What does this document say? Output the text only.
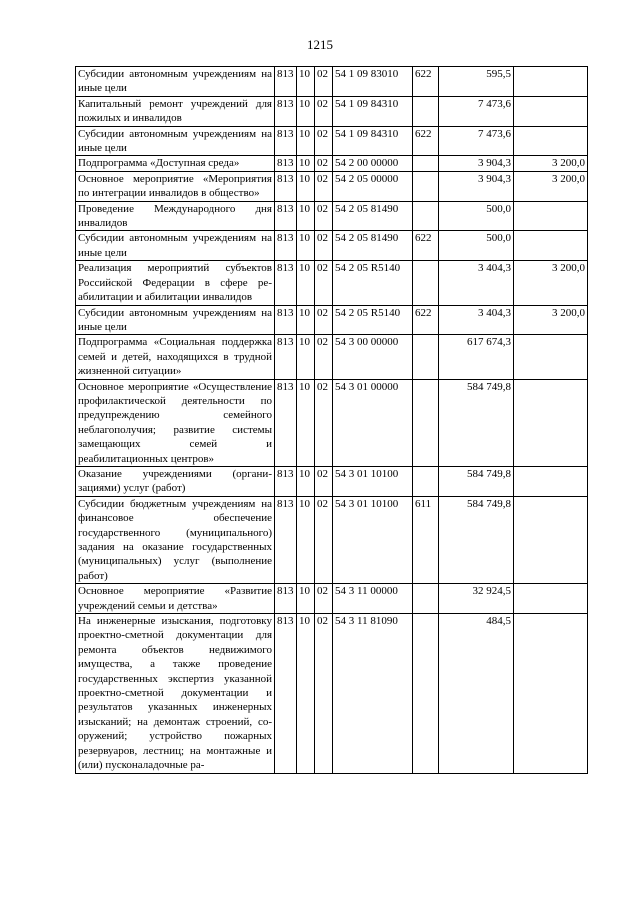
1215
Субсидии автономным учреждениям на иные цели	813	10	02	54 1 09 83010	622	595,5	
Капитальный ремонт учреждений для пожилых и инвалидов	813	10	02	54 1 09 84310		7 473,6	
Субсидии автономным учреждениям на иные цели	813	10	02	54 1 09 84310	622	7 473,6	
Подпрограмма «Доступная среда»	813	10	02	54 2 00 00000		3 904,3	3 200,0
Основное мероприятие «Мероприятия по интеграции инвалидов в общество»	813	10	02	54 2 05 00000		3 904,3	3 200,0
Проведение Международного дня инвалидов	813	10	02	54 2 05 81490		500,0	
Субсидии автономным учреждениям на иные цели	813	10	02	54 2 05 81490	622	500,0	
Реализация мероприятий субъектов Российской Федерации в сфере реабилитации и абилитации инвалидов	813	10	02	54 2 05 R5140		3 404,3	3 200,0
Субсидии автономным учреждениям на иные цели	813	10	02	54 2 05 R5140	622	3 404,3	3 200,0
Подпрограмма «Социальная поддержка семей и детей, находящихся в трудной жизненной ситуации»	813	10	02	54 3 00 00000		617 674,3	
Основное мероприятие «Осуществление профилактической деятельности по предупреждению семейного неблагополучия; развитие системы замещающих семей и реабилитационных центров»	813	10	02	54 3 01 00000		584 749,8	
Оказание учреждениями (организациями) услуг (работ)	813	10	02	54 3 01 10100		584 749,8	
Субсидии бюджетным учреждениям на финансовое обеспечение государственного (муниципального) задания на оказание государственных (муниципальных) услуг (выполнение работ)	813	10	02	54 3 01 10100	611	584 749,8	
Основное мероприятие «Развитие учреждений семьи и детства»	813	10	02	54 3 11 00000		32 924,5	
На инженерные изыскания, подготовку проектно-сметной документации для ремонта объектов недвижимого имущества, а также проведение государственных экспертиз указанной проектно-сметной документации и результатов указанных инженерных изысканий; на демонтаж строений, сооружений; устройство пожарных резервуаров, лестниц; на монтажные и (или) пусконаладочные ра-	813	10	02	54 3 11 81090		484,5	
